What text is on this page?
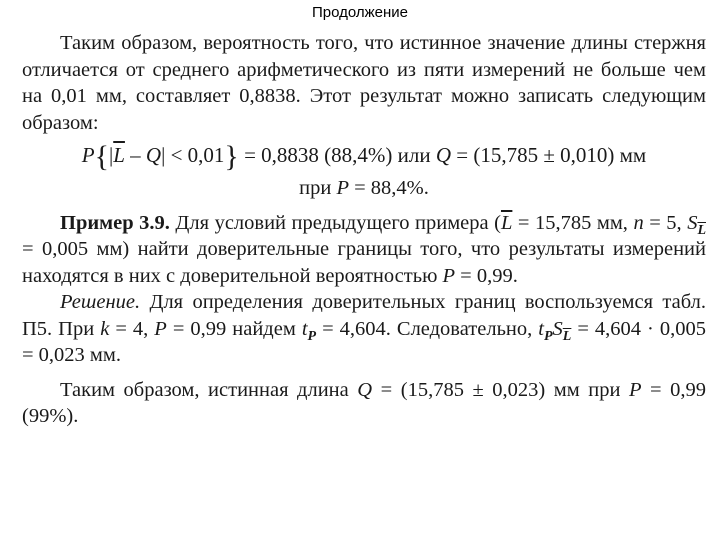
Продолжение

Таким образом, вероятность того, что истинное значение длины стержня отличается от среднего арифметического из пяти измерений не больше чем на 0,01 мм, составляет 0,8838. Этот результат можно записать следующим образом:

$P\{|\overline{L} - Q| < 0,01\} = 0,8838$ (88,4%) или Q = (15,785 ± 0,010) мм
при P = 88,4%.

Пример 3.9. Для условий предыдущего примера ($\overline{L} = 15,785$ мм, n = 5, $S_{\overline{L}} = 0,005$ мм) найти доверительные границы того, что результаты измерений находятся в них с доверительной вероятностью P = 0,99.

Решение. Для определения доверительных границ воспользуемся табл. П5. При k = 4, P = 0,99 найдем $t_P = 4,604$. Следовательно, $t_PS_{\overline{L}} = 4,604 \cdot 0,005 = 0,023$ мм.

Таким образом, истинная длина Q = (15,785 ± 0,023) мм при P = 0,99 (99%).
